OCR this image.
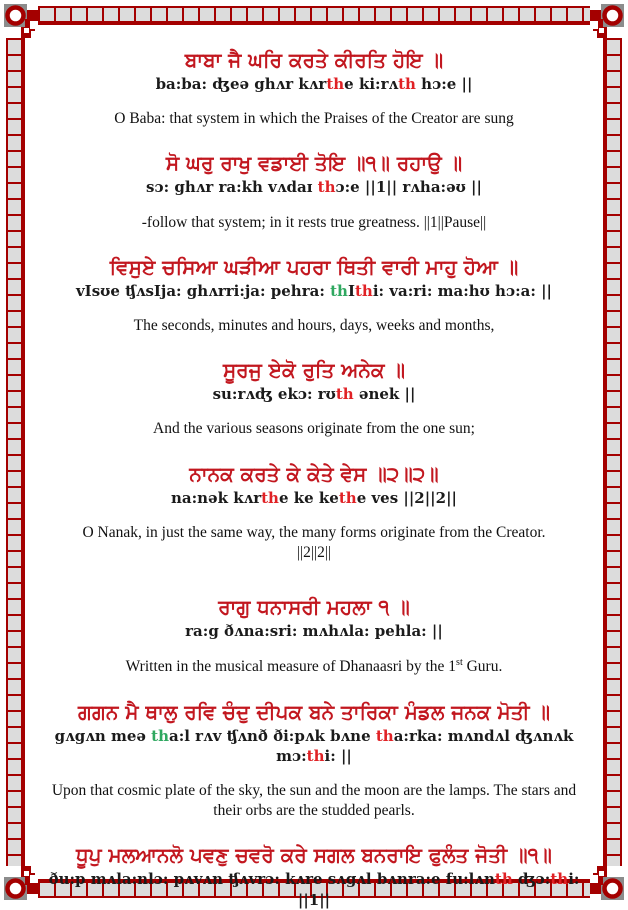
ਬਾਬਾ ਜੈ ਘਰਿ ਕਰਤੇ ਕੀਰਤਿ ਹੋਇ ॥

ba:ba: ʤeə ghʌr kʌrthe ki:rʌth hɔ:e ||

O Baba: that system in which the Praises of the Creator are sung

ਸੋ ਘਰੁ ਰਾਖੁ ਵਡਾਈ ਤੋਇ ॥੧॥ ਰਹਾਉ ॥

sɔ: ghʌr ra:kh vʌdaɪ thɔ:e ||1|| rʌha:əʊ ||

-follow that system; in it rests true greatness. ||1||Pause||

ਵਿਸੁਏ ਚਸਿਆ ਘੜੀਆ ਪਹਰਾ ਥਿਤੀ ਵਾਰੀ ਮਾਹੁ ਹੋਆ ॥

vIsʊe ʧʌsIja: ghʌrri:ja: pehra: thIthi: va:ri: ma:hʊ hɔ:a: ||

The seconds, minutes and hours, days, weeks and months,

ਸੂਰਜੁ ਏਕੋ ਰੁਤਿ ਅਨੇਕ ॥

su:rʌʤ ekɔ: rʊth ənek ||

And the various seasons originate from the one sun;

ਨਾਨਕ ਕਰਤੇ ਕੇ ਕੇਤੇ ਵੇਸ ॥੨॥੨॥

na:nək kʌrthe ke kethe ves ||2||2||

O Nanak, in just the same way, the many forms originate from the Creator.

||2||2||

ਰਾਗੁ ਧਨਾਸਰੀ ਮਹਲਾ ੧ ॥

ra:g ðʌna:sri: mʌhʌla: pehla: ||

Written in the musical measure of Dhanaasri by the 1st Guru.

ਗਗਨ ਮੈ ਥਾਲੁ ਰਵਿ ਚੰਦੁ ਦੀਪਕ ਬਨੇ ਤਾਰਿਕਾ ਮੰਡਲ ਜਨਕ ਮੋਤੀ ॥

gʌgʌn meə tha:l rʌv ʧʌnð ði:pʌk bʌne tha:rka: mʌndʌl ʤʌnʌk mɔ:thi: ||

Upon that cosmic plate of the sky, the sun and the moon are the lamps. The stars and their orbs are the studded pearls.

ਧੂਪੁ ਮਲਆਨਲੋ ਪਵਣੁ ਚਵਰੋ ਕਰੇ ਸਗਲ ਬਨਰਾਇ ਫੁਲੰਤ ਜੋਤੀ ॥੧॥

ðu:p mʌla:nlɔ: pʌvʌn ʧʌvrɔ: kʌre sʌgʌl bʌnra:e fu:lʌnth ʤɔ:thi: ||1||
